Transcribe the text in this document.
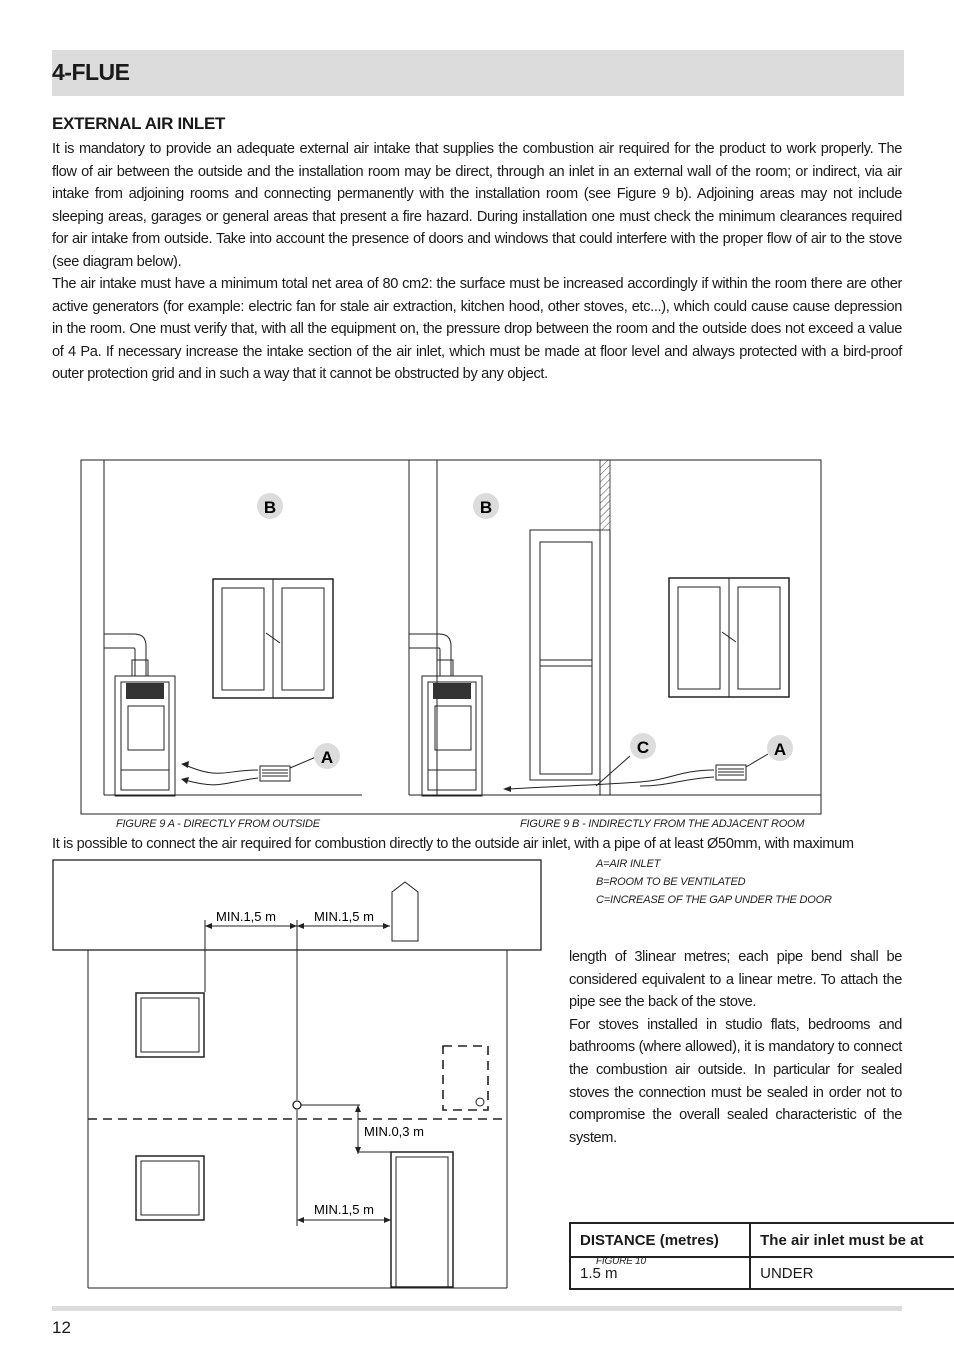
4-FLUE
EXTERNAL AIR INLET
It is mandatory to provide an adequate external air intake that supplies the combustion air required for the product to work properly. The flow of air between the outside and the installation room may be direct, through an inlet in an external wall of the room; or indirect, via air intake from adjoining rooms and connecting permanently with the installation room (see Figure 9 b). Adjoining areas may not include sleeping areas, garages or general areas that present a fire hazard. During installation one must check the minimum clearances required for air intake from outside. Take into account the presence of doors and windows that could interfere with the proper flow of air to the stove (see diagram below).
The air intake must have a minimum total net area of 80 cm2: the surface must be increased accordingly if within the room there are other active generators (for example: electric fan for stale air extraction, kitchen hood, other stoves, etc...), which could cause cause depression in the room. One must verify that, with all the equipment on, the pressure drop between the room and the outside does not exceed a value of 4 Pa. If necessary increase the intake section of the air inlet, which must be made at floor level and always protected with a bird-proof outer protection grid and in such a way that it cannot be obstructed by any object.
B	B
A	A
C
FIGURE 9 A - DIRECTLY FROM OUTSIDE	FIGURE 9 B - INDIRECTLY FROM THE ADJACENT ROOM
It is possible to connect the air required for combustion directly to the outside air inlet, with a pipe of at least Ø50mm, with maximum
A=AIR INLET
B=ROOM TO BE VENTILATED
C=INCREASE OF THE GAP UNDER THE DOOR
MIN.1,5 m	MIN.1,5 m
MIN.0,3 m
MIN.1,5 m
length of 3linear metres; each pipe bend shall be considered equivalent to a linear metre. To attach the pipe see the back of the stove.
For stoves installed in studio flats, bedrooms and bathrooms (where allowed), it is mandatory to connect the combustion air outside. In particular for sealed stoves the connection must be sealed in order not to compromise the overall sealed characteristic of the system.
DISTANCE (metres)	The air inlet must be at
1.5 m	UNDER
FIGURE 10
12
